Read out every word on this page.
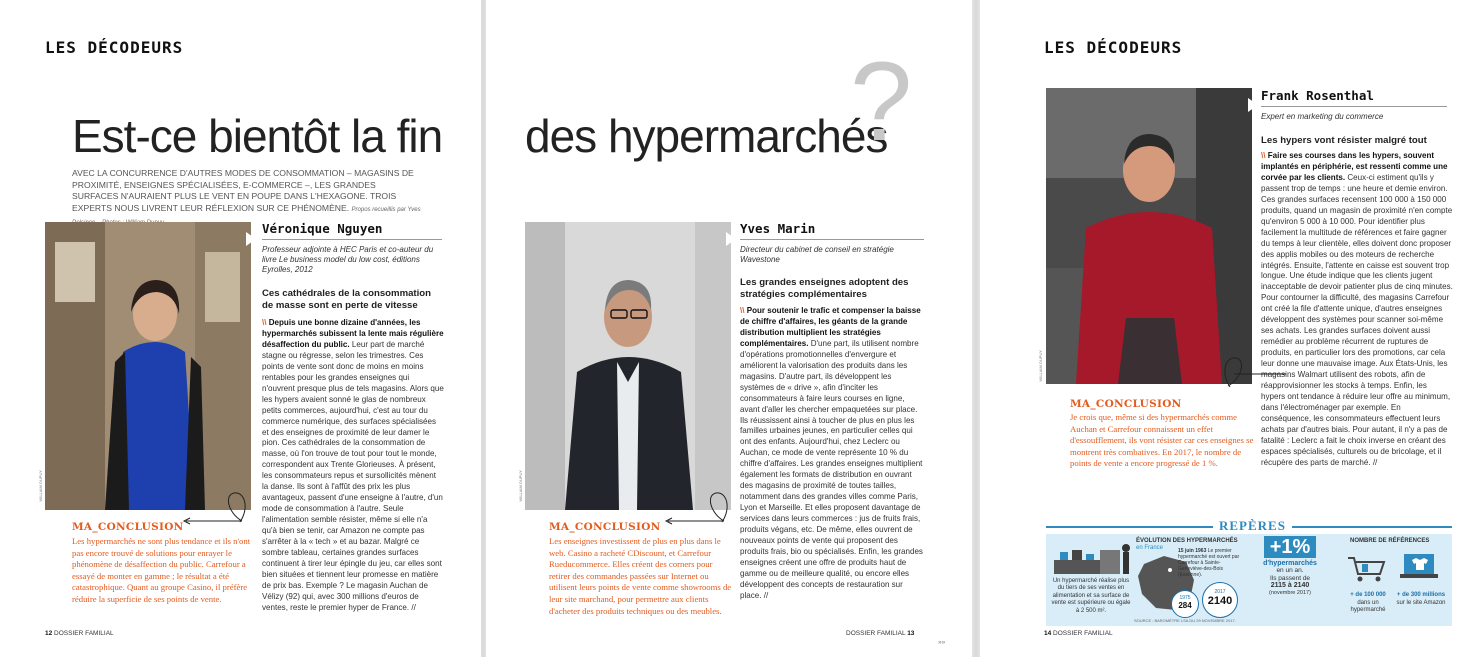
LES DÉCODEURS
Est-ce bientôt la fin
AVEC LA CONCURRENCE D'AUTRES MODES DE CONSOMMATION – MAGASINS DE PROXIMITÉ, ENSEIGNES SPÉCIALISÉES, E-COMMERCE –, LES GRANDES SURFACES N'AURAIENT PLUS LE VENT EN POUPE DANS L'HEXAGONE. TROIS EXPERTS NOUS LIVRENT LEUR RÉFLEXION SUR CE PHÉNOMÈNE. Propos recueillis par Yves
WILLIAM DUPUY
Véronique Nguyen
Professeur adjointe à HEC Paris et co-auteur du livre Le business model du low cost, éditions Eyrolles, 2012
Ces cathédrales de la consommation de masse sont en perte de vitesse
\\ Depuis une bonne dizaine d'années, les hypermarchés subissent la lente mais régulière désaffection du public. Leur part de marché stagne ou régresse, selon les trimestres. Ces points de vente sont donc de moins en moins rentables pour les grandes enseignes qui n'ouvrent presque plus de tels magasins. Alors que les hypers avaient sonné le glas de nombreux petits commerces, aujourd'hui, c'est au tour du commerce numérique, des surfaces spécialisées et des enseignes de proximité de leur damer le pion. Ces cathédrales de la consommation de masse, où l'on trouve de tout pour tout le monde, correspondent aux Trente Glorieuses. À présent, les consommateurs repus et sursollicités mènent la danse. Ils sont à l'affût des prix les plus avantageux, passent d'une enseigne à l'autre, d'un mode de consommation à l'autre. Seule l'alimentation semble résister, même si elle n'a qu'à bien se tenir, car Amazon ne compte pas s'arrêter à la « tech » et au bazar. Malgré ce sombre tableau, certaines grandes surfaces continuent à tirer leur épingle du jeu, car elles sont bien situées et tiennent leur promesse en matière de prix bas. Exemple ? Le magasin Auchan de Vélizy (92) qui, avec 300 millions d'euros de ventes, reste le premier hyper de France. //
MA_CONCLUSION
Les hypermarchés ne sont plus tendance et ils n'ont pas encore trouvé de solutions pour enrayer le phénomène de désaffection du public. Carrefour a essayé de monter en gamme ; le résultat a été catastrophique. Quant au groupe Casino, il préfère réduire la superficie de ses points de vente.
12 DOSSIER FAMILIAL
des hypermarchés
?
WILLIAM DUPUY
Yves Marin
Directeur du cabinet de conseil en stratégie Wavestone
Les grandes enseignes adoptent des stratégies complémentaires
\\ Pour soutenir le trafic et compenser la baisse de chiffre d'affaires, les géants de la grande distribution multiplient les stratégies complémentaires. D'une part, ils utilisent nombre d'opérations promotionnelles d'envergure et améliorent la valorisation des produits dans les magasins. D'autre part, ils développent les systèmes de « drive », afin d'inciter les consommateurs à faire leurs courses en ligne, avant d'aller les chercher empaquetées sur place. Ils réussissent ainsi à toucher de plus en plus les familles urbaines jeunes, en particulier celles qui ont des enfants. Aujourd'hui, chez Leclerc ou Auchan, ce mode de vente représente 10 % du chiffre d'affaires. Les grandes enseignes multiplient également les formats de distribution en ouvrant des magasins de proximité de toutes tailles, notamment dans des grandes villes comme Paris, Lyon et Marseille. Et elles proposent davantage de services dans leurs commerces : jus de fruits frais, produits végans, etc. De même, elles ouvrent de nouveaux points de vente qui proposent des produits frais, bio ou spécialisés. Enfin, les grandes enseignes créent une offre de produits haut de gamme ou de meilleure qualité, ou encore elles développent des concepts de restauration sur place. //
MA_CONCLUSION
Les enseignes investissent de plus en plus dans le web. Casino a racheté CDiscount, et Carrefour Rueducommerce. Elles créent des corners pour retirer des commandes passées sur Internet ou utilisent leurs points de vente comme showrooms de leur site marchand, pour permettre aux clients d'acheter des produits techniques ou des meubles.
DOSSIER FAMILIAL 13
»»
LES DÉCODEURS
WILLIAM DUPUY
Frank Rosenthal
Expert en marketing du commerce
Les hypers vont résister malgré tout
\\ Faire ses courses dans les hypers, souvent implantés en périphérie, est ressenti comme une corvée par les clients. Ceux-ci estiment qu'ils y passent trop de temps : une heure et demie environ. Ces grandes surfaces recensent 100 000 à 150 000 produits, quand un magasin de proximité n'en compte qu'environ 5 000 à 10 000. Pour identifier plus facilement la multitude de références et faire gagner du temps à leur clientèle, elles doivent donc proposer des applis mobiles ou des moteurs de recherche intégrés. Ensuite, l'attente en caisse est souvent trop longue. Une étude indique que les clients jugent inacceptable de devoir patienter plus de cinq minutes. Pour contourner la difficulté, des magasins Carrefour ont créé la file d'attente unique, d'autres enseignes développent des systèmes pour scanner soi-même ses achats. Les grandes surfaces doivent aussi remédier au problème récurrent de ruptures de produits, en particulier lors des promotions, car cela leur donne une mauvaise image. Aux États-Unis, les magasins Walmart utilisent des robots, afin de réapprovisionner les stocks à temps. Enfin, les hypers ont tendance à réduire leur offre au minimum, dans l'électroménager par exemple. En conséquence, les consommateurs effectuent leurs achats par d'autres biais. Pour autant, il n'y a pas de fatalité : Leclerc a fait le choix inverse en créant des espaces spécialisés, culturels ou de bricolage, et il récupère des parts de marché. //
MA_CONCLUSION
Je crois que, même si des hypermarchés comme Auchan et Carrefour connaissent un effet d'essoufflement, ils vont résister car ces enseignes se montrent très combatives. En 2017, le nombre de points de vente a encore progressé de 1 %.
REPÈRES
Un hypermarché réalise plus du tiers de ses ventes en alimentation et sa surface de vente est supérieure ou égale à 2 500 m².
ÉVOLUTION DES HYPERMARCHÉS
en France	15 juin 1963 Le premier hypermarché est ouvert par Carrefour à Sainte-Geneviève-des-Bois (Essonne).
1975
284
2017
2140
+1%
d'hypermarchés
en un an.
Ils passent de
2115 à 2140
(novembre 2017)
NOMBRE DE RÉFÉRENCES
+ de 100 000
dans un hypermarché
+ de 300 millions
sur le site Amazon
SOURCE : BAROMÈTRE LSA DU 29 NOVEMBRE 2017.
14 DOSSIER FAMILIAL
